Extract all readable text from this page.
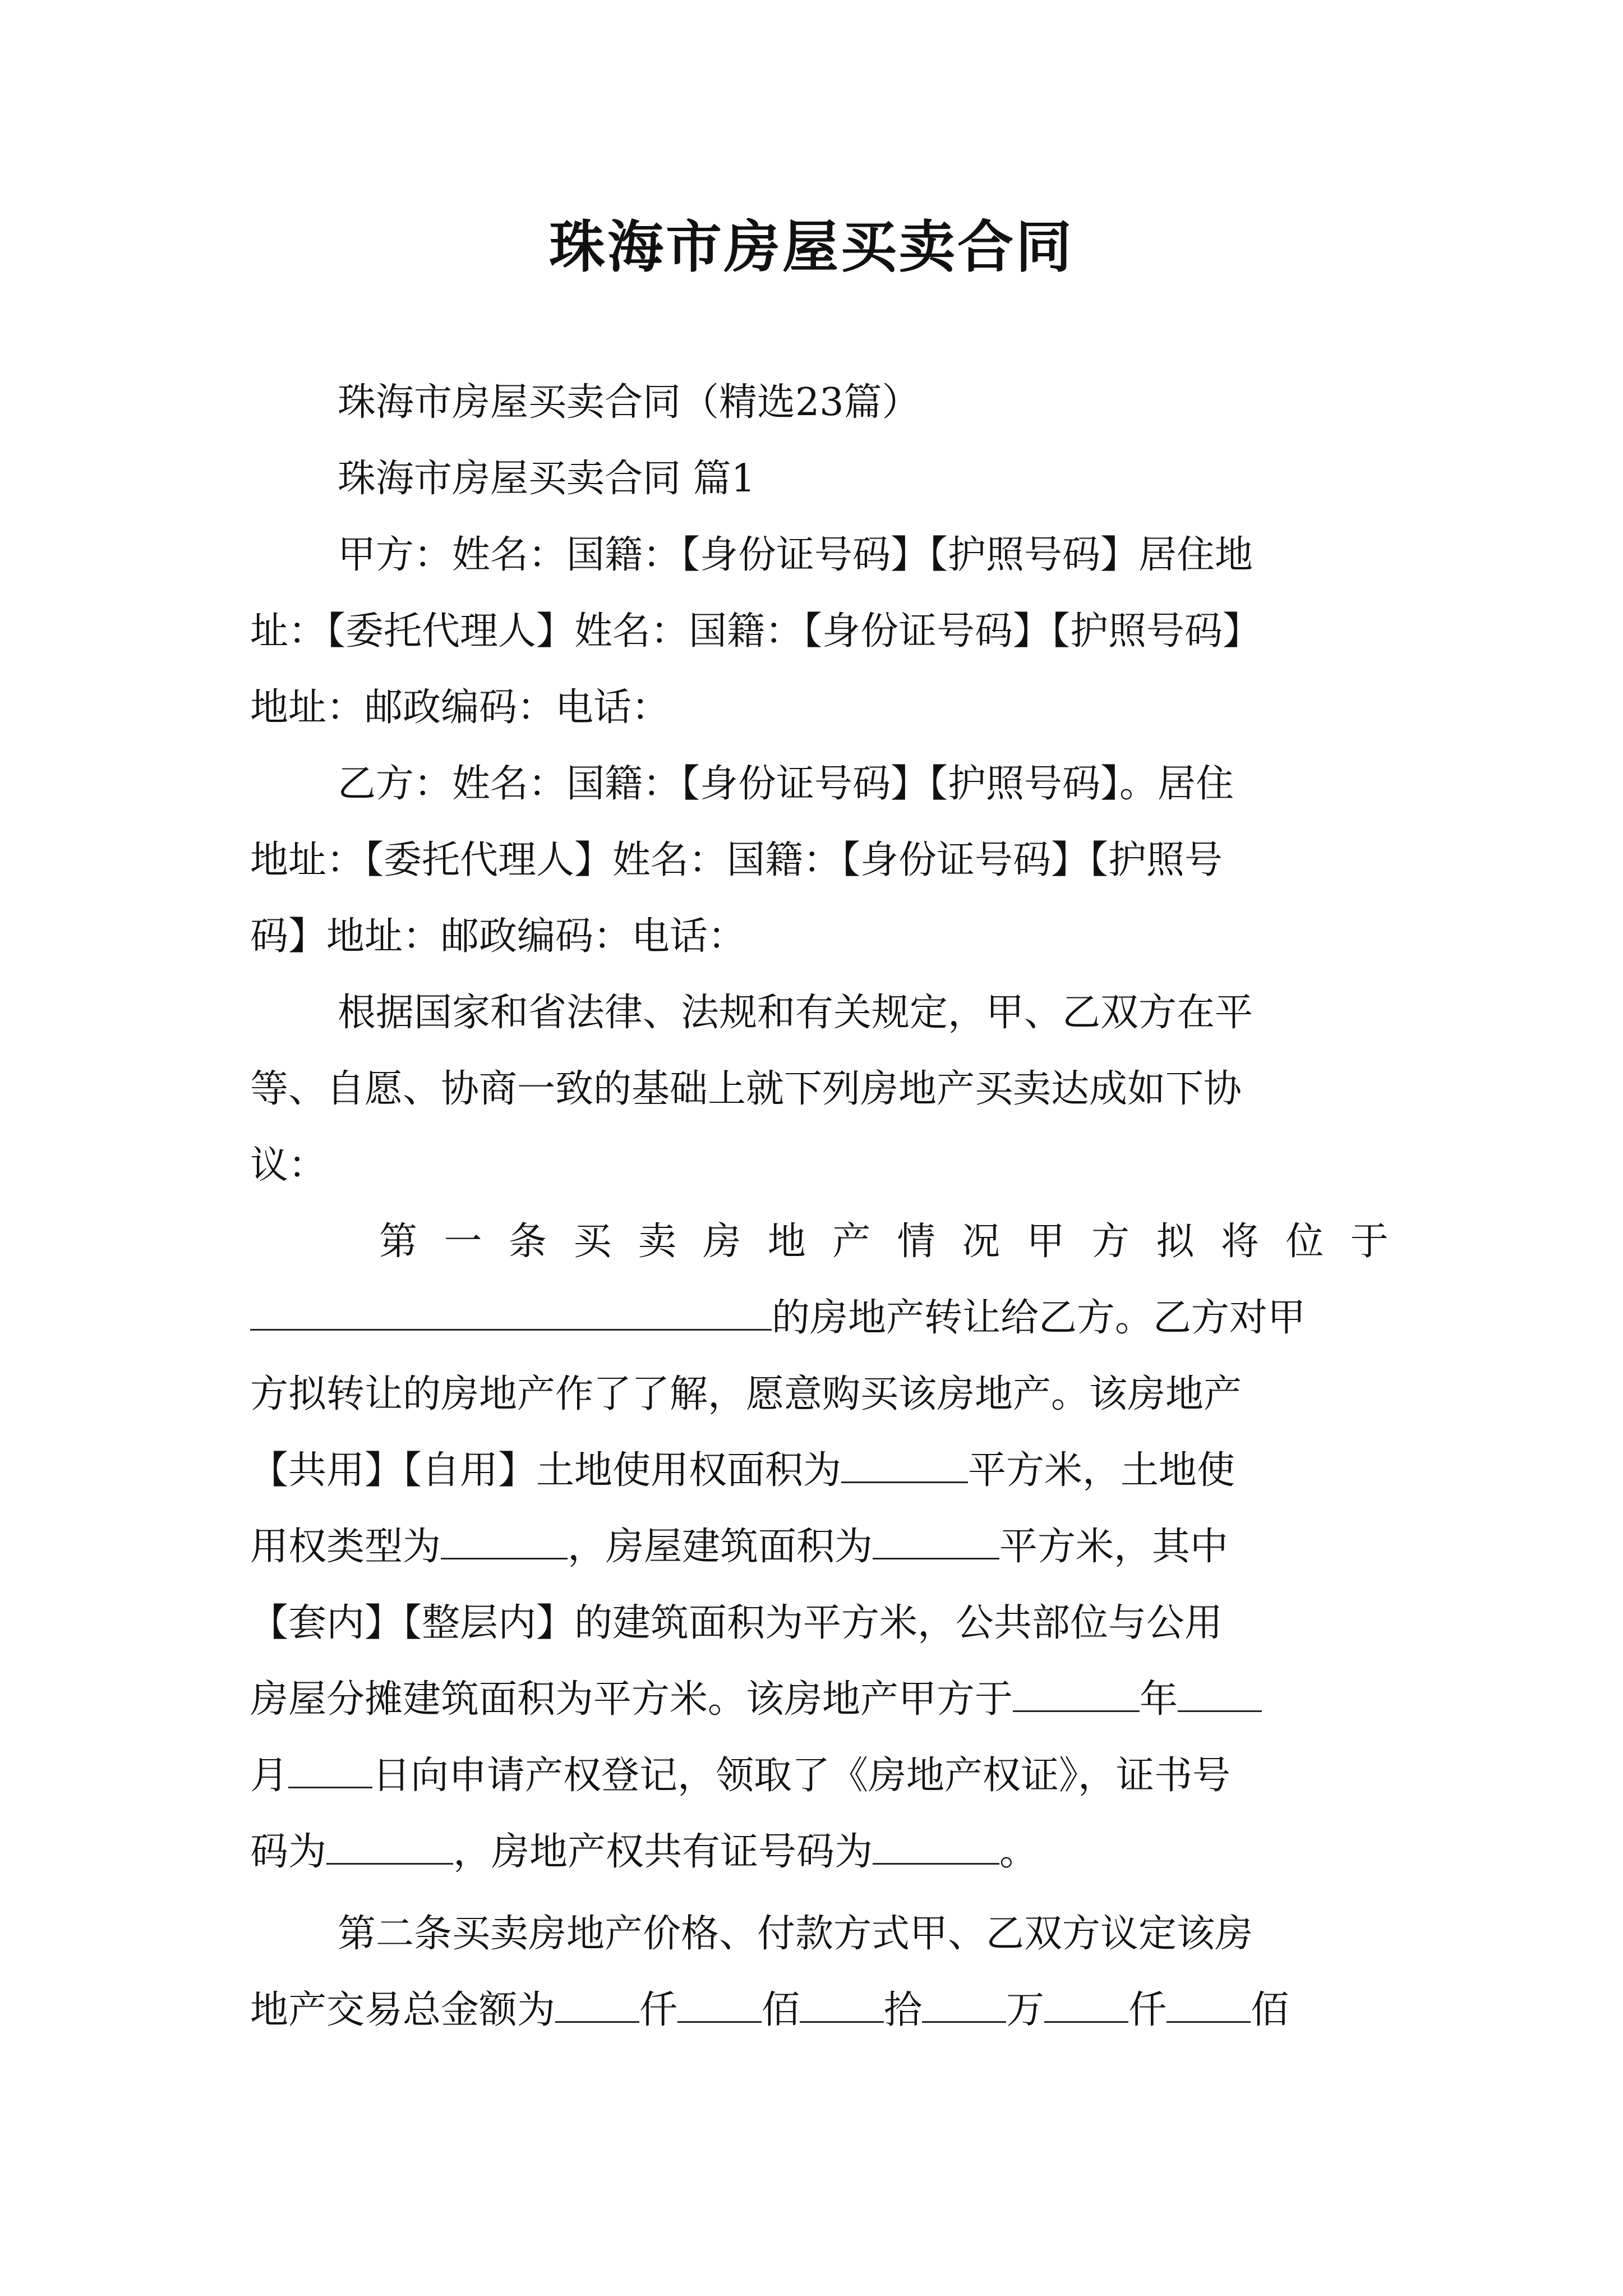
珠海市房屋买卖合同
珠海市房屋买卖合同（精选23篇）
珠海市房屋买卖合同 篇1
甲方：姓名：国籍：【身份证号码】【护照号码】居住地
址：【委托代理人】姓名：国籍：【身份证号码】【护照号码】
地址：邮政编码：电话：
乙方：姓名：国籍：【身份证号码】【护照号码】。居住
地址：【委托代理人】姓名：国籍：【身份证号码】【护照号
码】地址：邮政编码：电话：
根据国家和省法律、法规和有关规定，甲、乙双方在平
等、自愿、协商一致的基础上就下列房地产买卖达成如下协
议：
第 一 条 买 卖 房 地 产 情 况 甲 方 拟 将 位 于
的房地产转让给乙方。乙方对甲
方拟转让的房地产作了了解，愿意购买该房地产。该房地产
【共用】【自用】土地使用权面积为	平方米，土地使
用权类型为	，房屋建筑面积为	平方米，其中
【套内】【整层内】的建筑面积为平方米，公共部位与公用
房屋分摊建筑面积为平方米。该房地产甲方于	年
月 日向申请产权登记，领取了《房地产权证》，证书号
码为	，房地产权共有证号码为	。
第二条买卖房地产价格、付款方式甲、乙双方议定该房
地产交易总金额为 仟 佰 拾 万 仟 佰
